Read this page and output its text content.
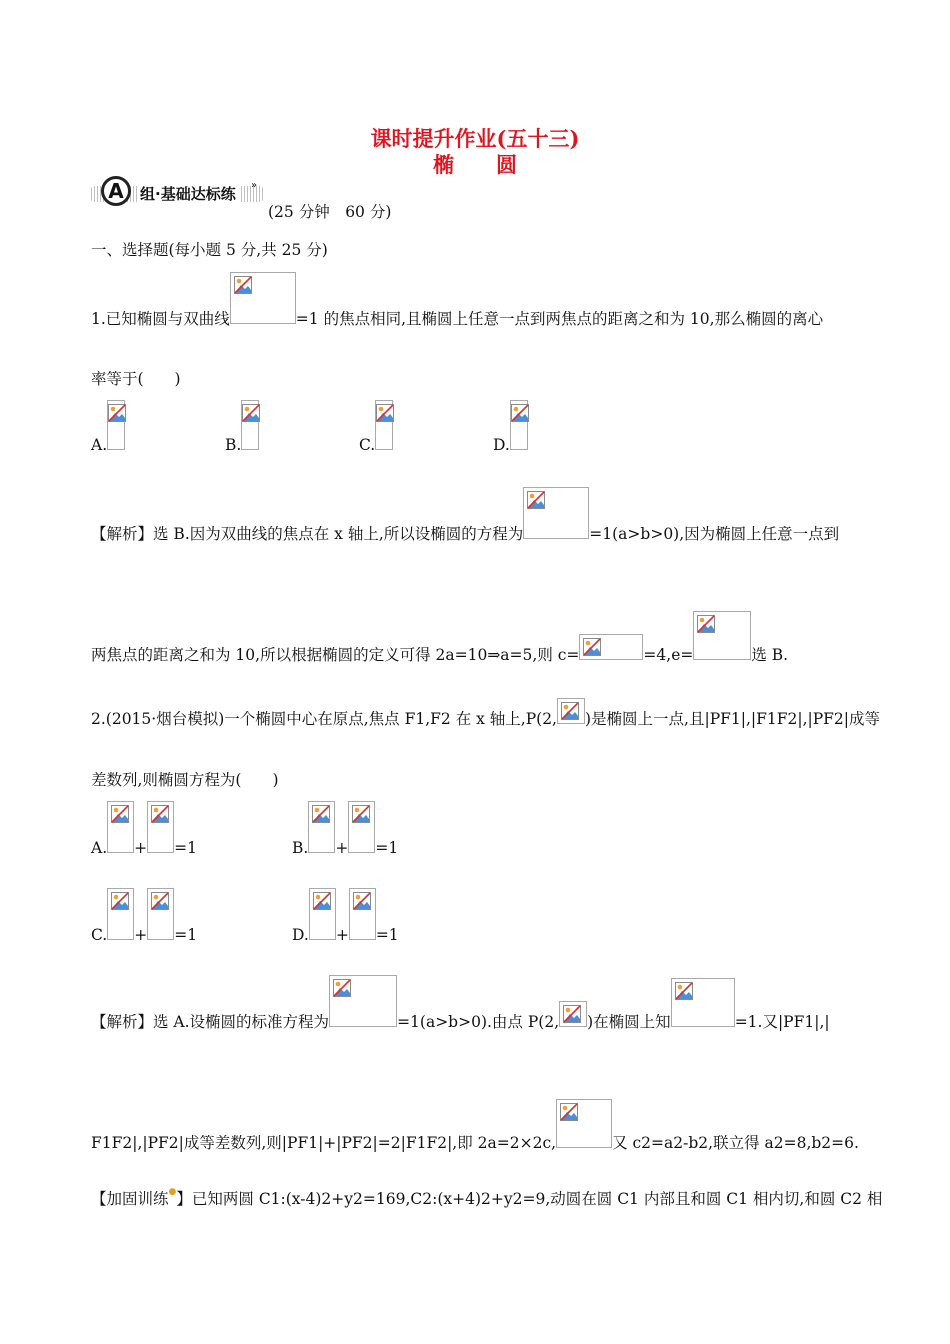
课时提升作业(五十三)
椭　　圆
A	组·基础达标练	»
(25 分钟　60 分)
一、选择题(每小题 5 分,共 25 分)
1.已知椭圆与双曲线	=1 的焦点相同,且椭圆上任意一点到两焦点的距离之和为 10,那么椭圆的离心
率等于(　　)
A.	B.	C.	D.
【解析】选 B.因为双曲线的焦点在 x 轴上,所以设椭圆的方程为	=1(a>b>0),因为椭圆上任意一点到
两焦点的距离之和为 10,所以根据椭圆的定义可得 2a=10⇒a=5,则 c=	=4,e=	选 B.
2.(2015·烟台模拟)一个椭圆中心在原点,焦点 F1,F2 在 x 轴上,P(2, )是椭圆上一点,且|PF1|,|F1F2|,|PF2|成等
差数列,则椭圆方程为(　　)
A. + =1	B. + =1
C. + =1	D. + =1
【解析】选 A.设椭圆的标准方程为	=1(a>b>0).由点 P(2, )在椭圆上知	=1.又|PF1|,|
F1F2|,|PF2|成等差数列,则|PF1|+|PF2|=2|F1F2|,即 2a=2×2c,	又 c2=a2-b2,联立得 a2=8,b2=6.
【加固训练●】已知两圆 C1:(x-4)2+y2=169,C2:(x+4)2+y2=9,动圆在圆 C1 内部且和圆 C1 相内切,和圆 C2 相
